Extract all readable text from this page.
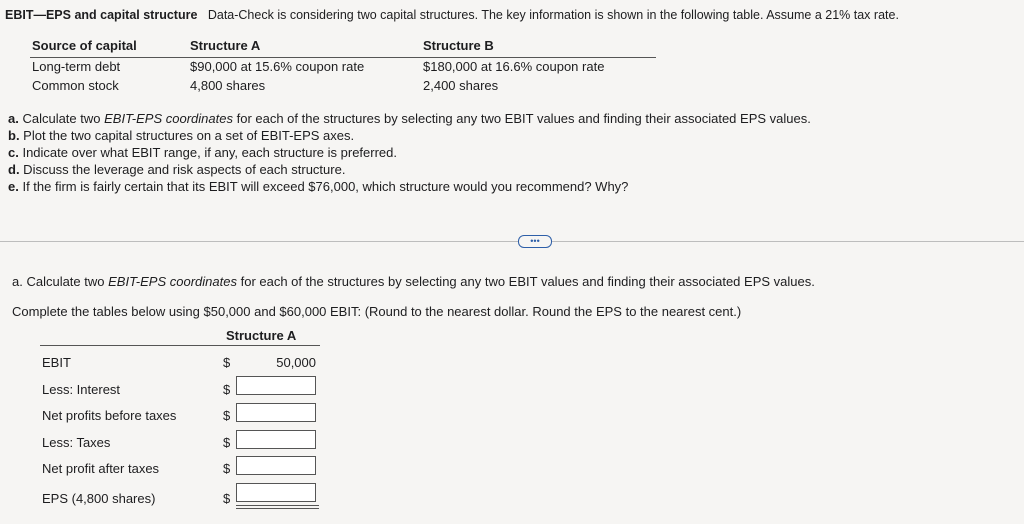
EBIT—EPS and capital structure Data-Check is considering two capital structures. The key information is shown in the following table. Assume a 21% tax rate.
Source of capital	Structure A	Structure B
Long-term debt	$90,000 at 15.6% coupon rate	$180,000 at 16.6% coupon rate
Common stock	4,800 shares	2,400 shares
a. Calculate two EBIT-EPS coordinates for each of the structures by selecting any two EBIT values and finding their associated EPS values.
b. Plot the two capital structures on a set of EBIT-EPS axes.
c. Indicate over what EBIT range, if any, each structure is preferred.
d. Discuss the leverage and risk aspects of each structure.
e. If the firm is fairly certain that its EBIT will exceed $76,000, which structure would you recommend? Why?
•••
a. Calculate two EBIT-EPS coordinates for each of the structures by selecting any two EBIT values and finding their associated EPS values.
Complete the tables below using $50,000 and $60,000 EBIT: (Round to the nearest dollar. Round the EPS to the nearest cent.)
Structure A
EBIT	$	50,000
Less: Interest	$
Net profits before taxes	$
Less: Taxes	$
Net profit after taxes	$
EPS (4,800 shares)	$
